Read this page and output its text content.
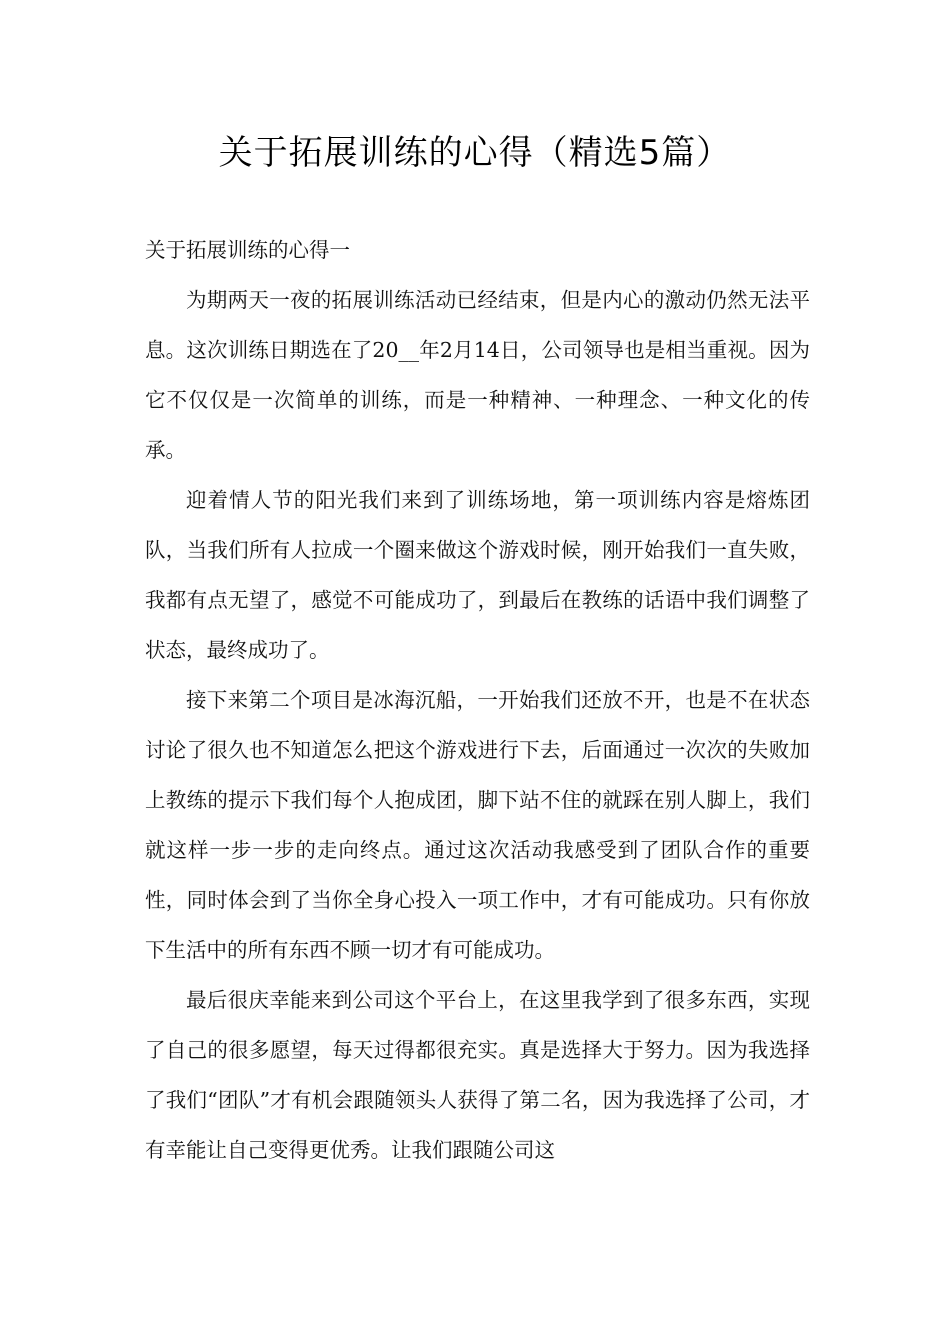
关于拓展训练的心得（精选5篇）
关于拓展训练的心得一

为期两天一夜的拓展训练活动已经结束，但是内心的激动仍然无法平息。这次训练日期选在了20__年2月14日，公司领导也是相当重视。因为它不仅仅是一次简单的训练，而是一种精神、一种理念、一种文化的传承。

迎着情人节的阳光我们来到了训练场地，第一项训练内容是熔炼团队，当我们所有人拉成一个圈来做这个游戏时候，刚开始我们一直失败，我都有点无望了，感觉不可能成功了，到最后在教练的话语中我们调整了状态，最终成功了。

接下来第二个项目是冰海沉船，一开始我们还放不开，也是不在状态讨论了很久也不知道怎么把这个游戏进行下去，后面通过一次次的失败加上教练的提示下我们每个人抱成团，脚下站不住的就踩在别人脚上，我们就这样一步一步的走向终点。通过这次活动我感受到了团队合作的重要性，同时体会到了当你全身心投入一项工作中，才有可能成功。只有你放下生活中的所有东西不顾一切才有可能成功。

最后很庆幸能来到公司这个平台上，在这里我学到了很多东西，实现了自己的很多愿望，每天过得都很充实。真是选择大于努力。因为我选择了我们“团队”才有机会跟随领头人获得了第二名，因为我选择了公司，才有幸能让自己变得更优秀。让我们跟随公司这
